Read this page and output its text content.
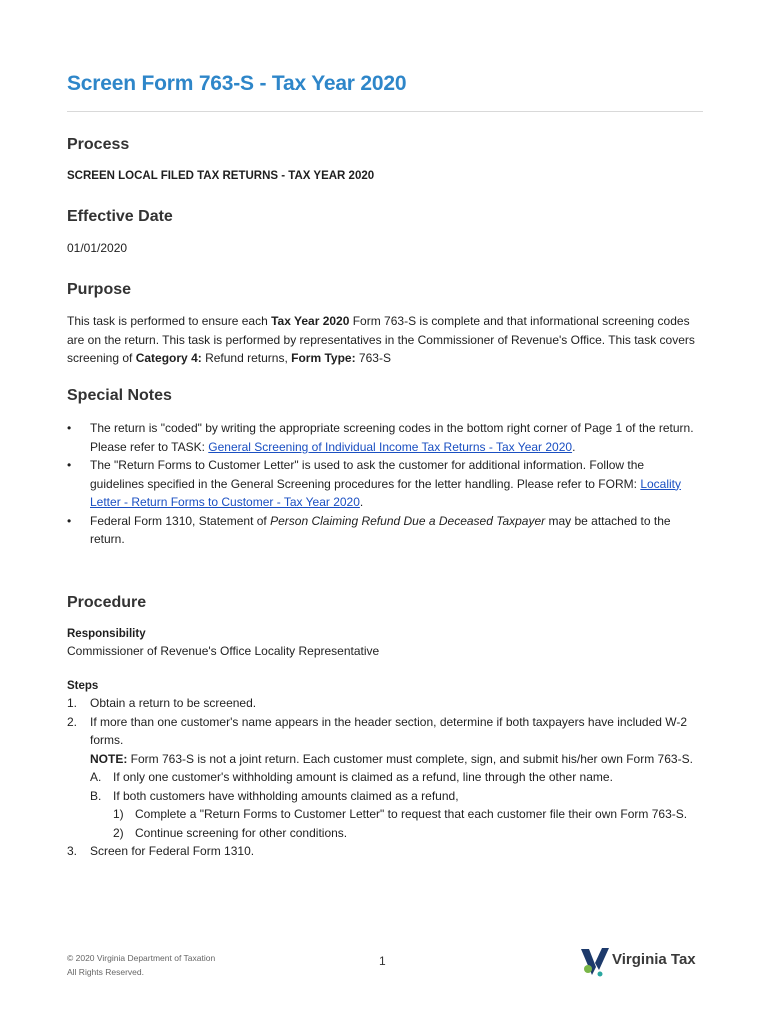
Screen Form 763-S - Tax Year 2020
Process
SCREEN LOCAL FILED TAX RETURNS - TAX YEAR 2020
Effective Date
01/01/2020
Purpose
This task is performed to ensure each Tax Year 2020 Form 763-S is complete and that informational screening codes are on the return. This task is performed by representatives in the Commissioner of Revenue's Office. This task covers screening of Category 4: Refund returns, Form Type: 763-S
Special Notes
• The return is "coded" by writing the appropriate screening codes in the bottom right corner of Page 1 of the return.
Please refer to TASK: General Screening of Individual Income Tax Returns - Tax Year 2020.
• The "Return Forms to Customer Letter" is used to ask the customer for additional information. Follow the guidelines specified in the General Screening procedures for the letter handling. Please refer to FORM: Locality Letter - Return Forms to Customer - Tax Year 2020.
• Federal Form 1310, Statement of Person Claiming Refund Due a Deceased Taxpayer may be attached to the return.
Procedure
Responsibility
Commissioner of Revenue's Office Locality Representative
Steps
1. Obtain a return to be screened.
2. If more than one customer's name appears in the header section, determine if both taxpayers have included W-2 forms.
NOTE: Form 763-S is not a joint return. Each customer must complete, sign, and submit his/her own Form 763-S.
A. If only one customer's withholding amount is claimed as a refund, line through the other name.
B. If both customers have withholding amounts claimed as a refund,
1) Complete a "Return Forms to Customer Letter" to request that each customer file their own Form 763-S.
2) Continue screening for other conditions.
3. Screen for Federal Form 1310.
© 2020 Virginia Department of Taxation
All Rights Reserved.
1	Virginia Tax
